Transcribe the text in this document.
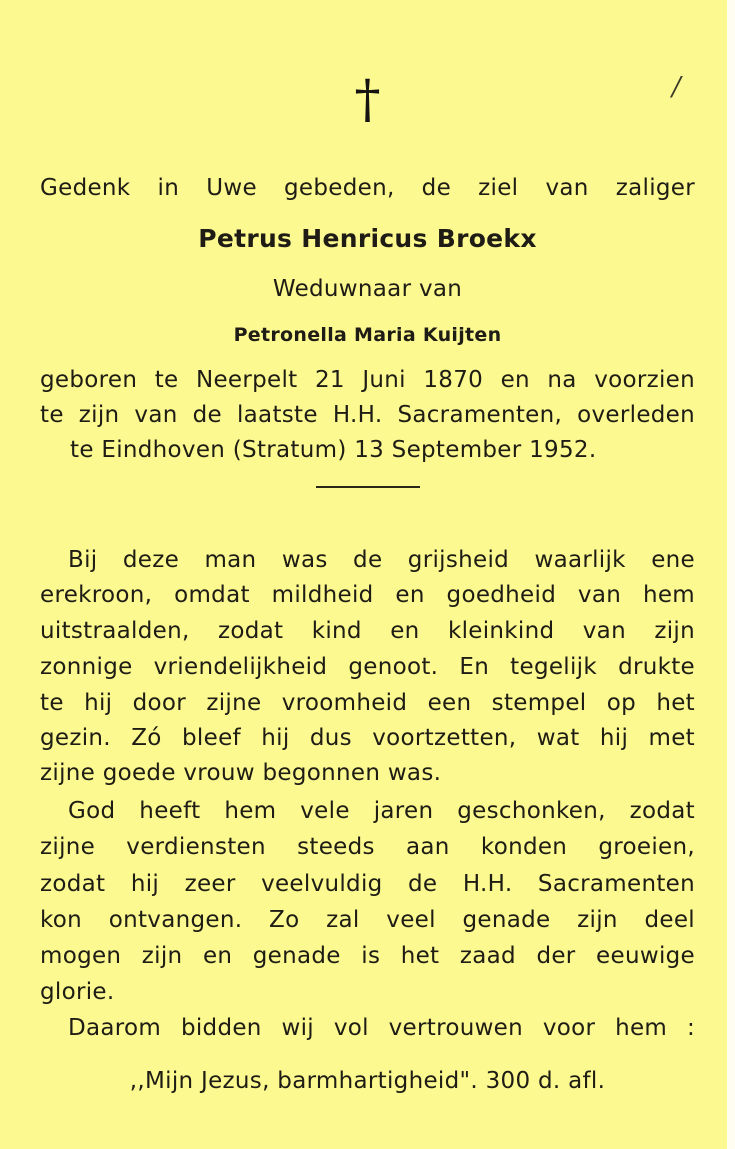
†	/
Gedenk in Uwe gebeden, de ziel van zaliger
Petrus Henricus Broekx
Weduwnaar van
Petronella Maria Kuijten
geboren te Neerpelt 21 Juni 1870 en na voorzien
te zijn van de laatste H.H. Sacramenten, overleden
te Eindhoven (Stratum) 13 September 1952.
Bij deze man was de grijsheid waarlijk ene
erekroon, omdat mildheid en goedheid van hem
uitstraalden, zodat kind en kleinkind van zijn
zonnige vriendelijkheid genoot. En tegelijk drukte
te hij door zijne vroomheid een stempel op het
gezin. Zó bleef hij dus voortzetten, wat hij met
zijne goede vrouw begonnen was.
God heeft hem vele jaren geschonken, zodat
zijne verdiensten steeds aan konden groeien,
zodat hij zeer veelvuldig de H.H. Sacramenten
kon ontvangen. Zo zal veel genade zijn deel
mogen zijn en genade is het zaad der eeuwige
glorie.
Daarom bidden wij vol vertrouwen voor hem :
,,Mijn Jezus, barmhartigheid". 300 d. afl.
